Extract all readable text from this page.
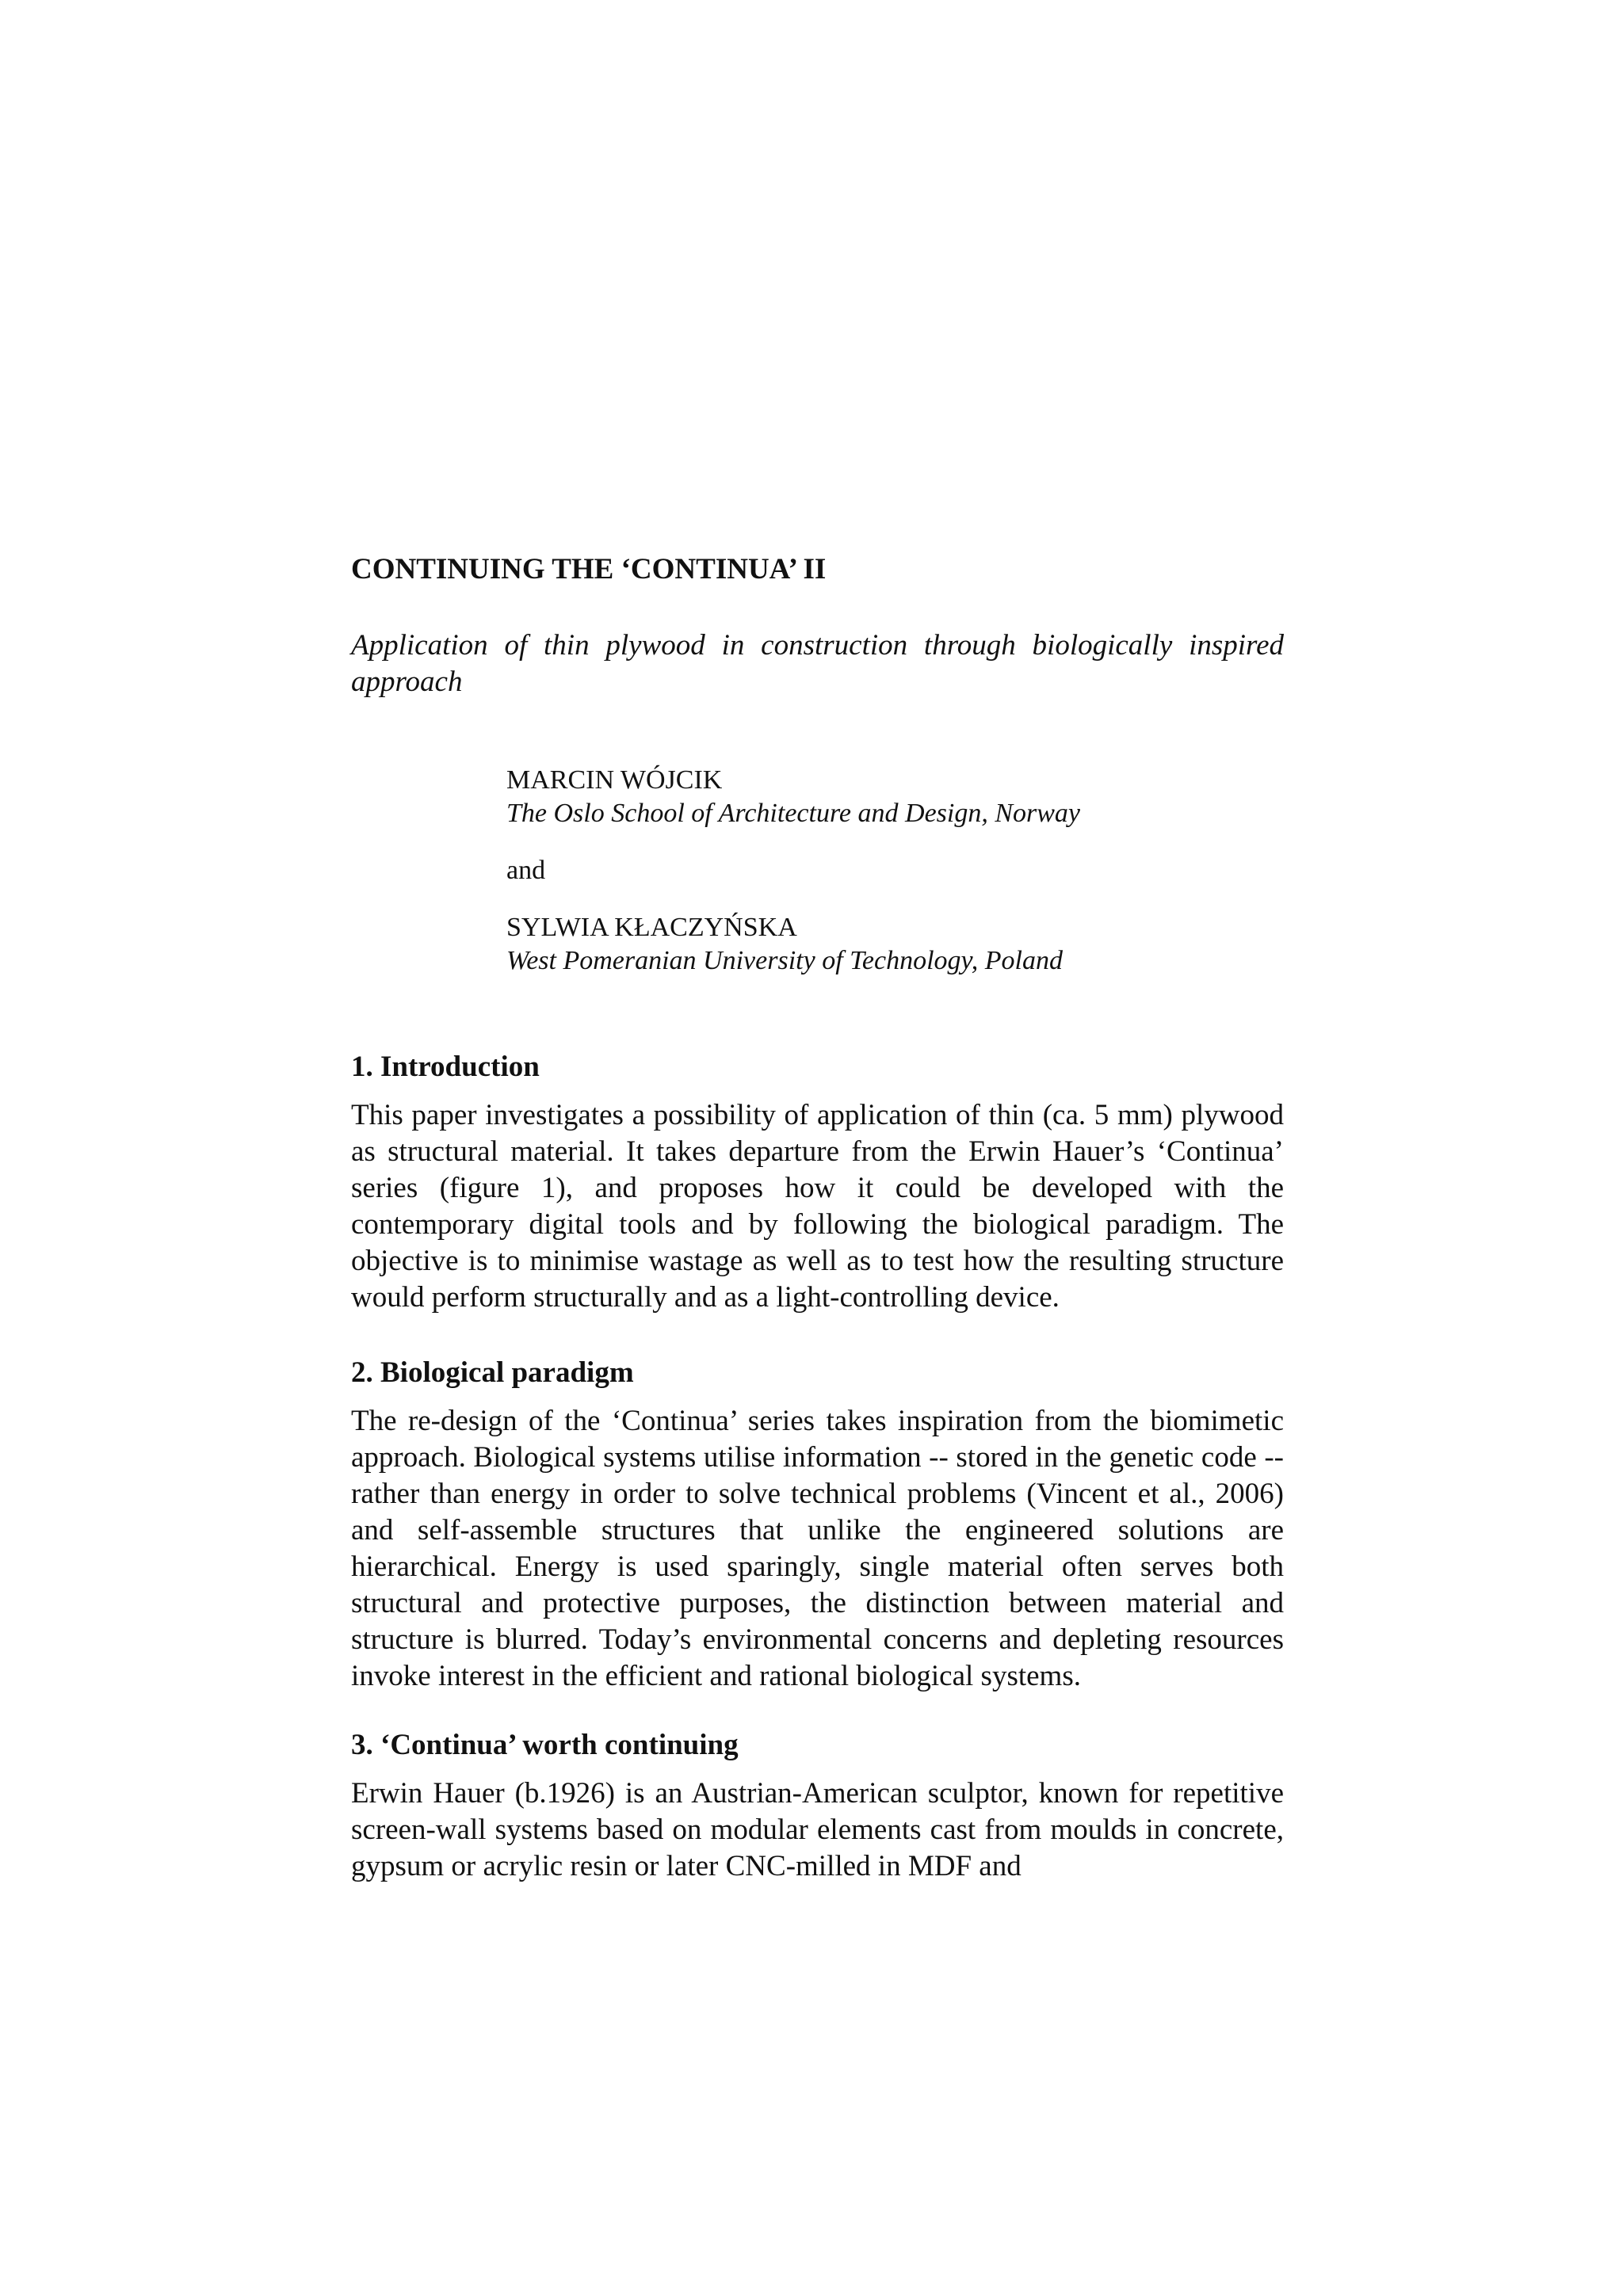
CONTINUING THE ‘CONTINUA’ II

Application of thin plywood in construction through biologically inspired approach

MARCIN WÓJCIK
The Oslo School of Architecture and Design, Norway
and
SYLWIA KŁACZYŃSKA
West Pomeranian University of Technology, Poland
1. Introduction

This paper investigates a possibility of application of thin (ca. 5 mm) plywood as structural material. It takes departure from the Erwin Hauer’s ‘Continua’ series (figure 1), and proposes how it could be developed with the contemporary digital tools and by following the biological paradigm. The objective is to minimise wastage as well as to test how the resulting structure would perform structurally and as a light-controlling device.

2. Biological paradigm

The re-design of the ‘Continua’ series takes inspiration from the biomimetic approach. Biological systems utilise information -- stored in the genetic code -- rather than energy in order to solve technical problems (Vincent et al., 2006) and self-assemble structures that unlike the engineered solutions are hierarchical. Energy is used sparingly, single material often serves both structural and protective purposes, the distinction between material and structure is blurred. Today’s environmental concerns and depleting resources invoke interest in the efficient and rational biological systems.

3. ‘Continua’ worth continuing

Erwin Hauer (b.1926) is an Austrian-American sculptor, known for repetitive screen-wall systems based on modular elements cast from moulds in concrete, gypsum or acrylic resin or later CNC-milled in MDF and
